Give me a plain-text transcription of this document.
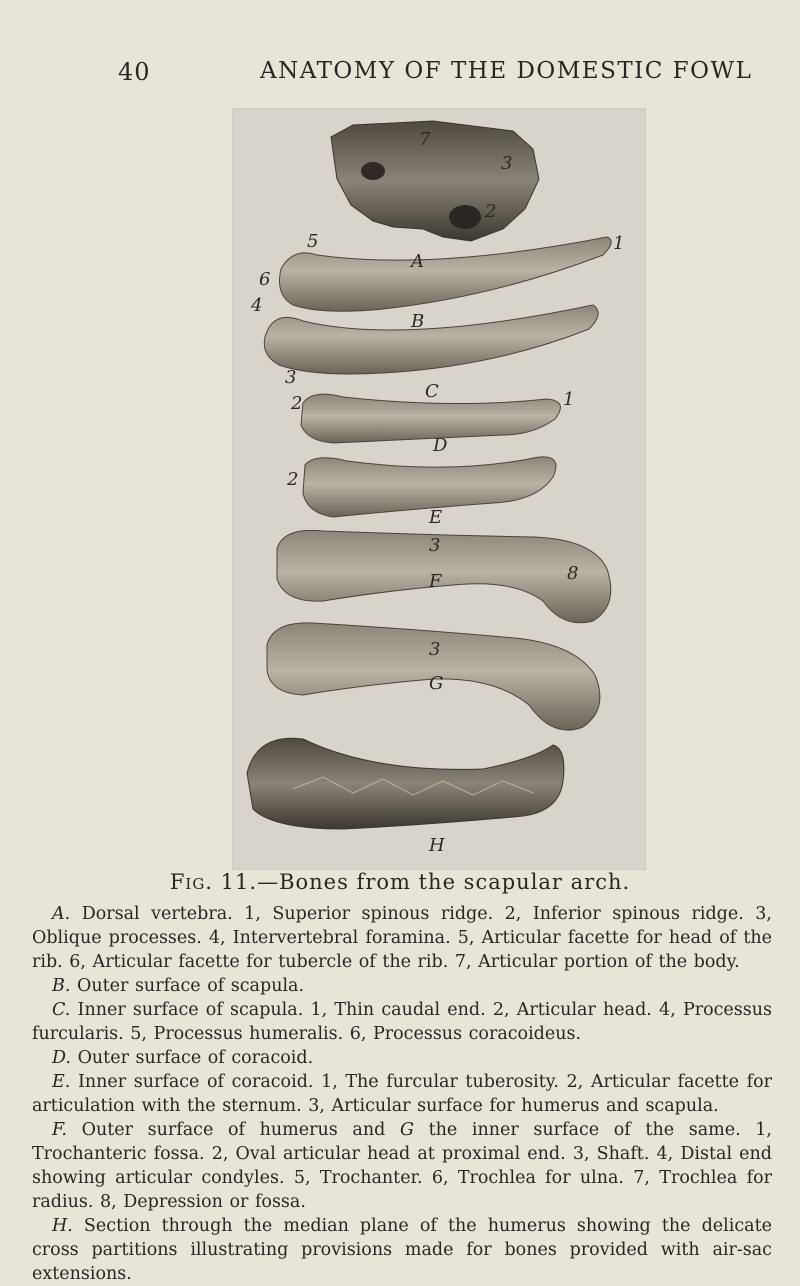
40	ANATOMY OF THE DOMESTIC FOWL
7
3
2
5
A
1
6
4
B
3
C
2	1
D
2
E
3
8
F
3
G
H
Fig. 11.—Bones from the scapular arch.

A. Dorsal vertebra. 1, Superior spinous ridge. 2, Inferior spinous ridge. 3, Oblique processes. 4, Intervertebral foramina. 5, Articular facette for head of the rib. 6, Articular facette for tubercle of the rib. 7, Articular portion of the body.

B. Outer surface of scapula.

C. Inner surface of scapula. 1, Thin caudal end. 2, Articular head. 4, Processus furcularis. 5, Processus humeralis. 6, Processus coracoideus.

D. Outer surface of coracoid.

E. Inner surface of coracoid. 1, The furcular tuberosity. 2, Articular facette for articulation with the sternum. 3, Articular surface for humerus and scapula.

F. Outer surface of humerus and G the inner surface of the same. 1, Trochanteric fossa. 2, Oval articular head at proximal end. 3, Shaft. 4, Distal end showing articular condyles. 5, Trochanter. 6, Trochlea for ulna. 7, Trochlea for radius. 8, Depression or fossa.

H. Section through the median plane of the humerus showing the delicate cross partitions illustrating provisions made for bones provided with air-sac extensions.
